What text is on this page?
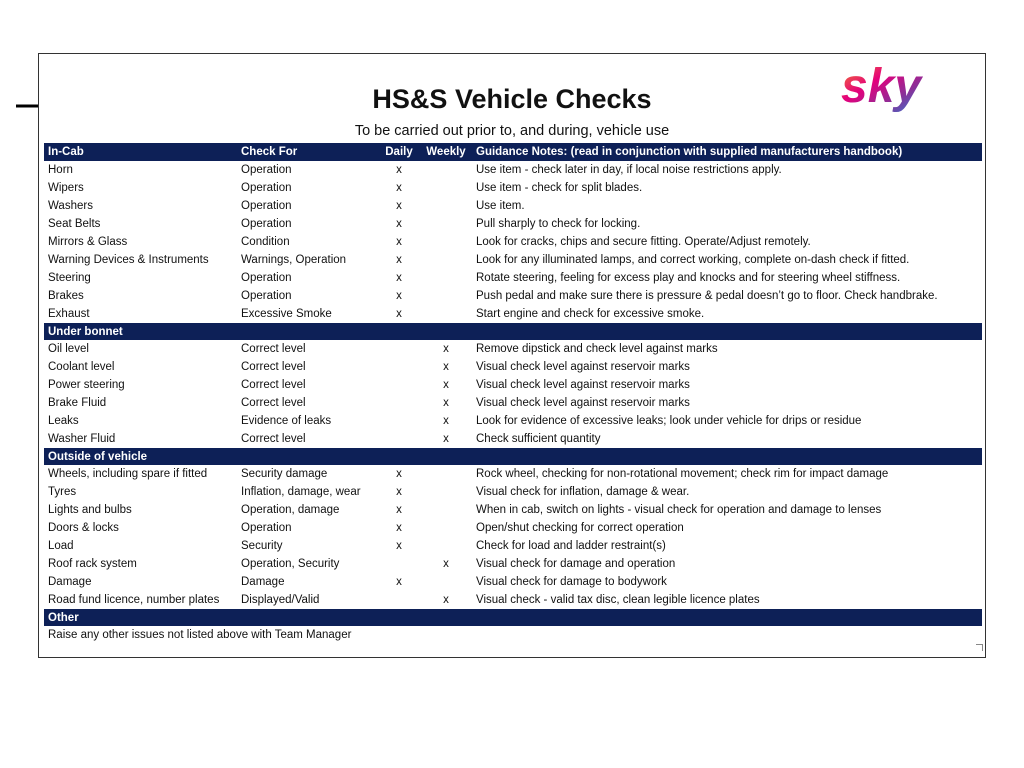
sky
HS&S Vehicle Checks
To be carried out prior to, and during, vehicle use
In-Cab	Check For	Daily	Weekly	Guidance Notes: (read in conjunction with supplied manufacturers handbook)
Horn	Operation	x		Use item - check later in day, if local noise restrictions apply.
Wipers	Operation	x		Use item - check for split blades.
Washers	Operation	x		Use item.
Seat Belts	Operation	x		Pull sharply to check for locking.
Mirrors & Glass	Condition	x		Look for cracks, chips and secure fitting. Operate/Adjust remotely.
Warning Devices & Instruments	Warnings, Operation	x		Look for any illuminated lamps, and correct working, complete on-dash check if fitted.
Steering	Operation	x		Rotate steering, feeling for excess play and knocks and for steering wheel stiffness.
Brakes	Operation	x		Push pedal and make sure there is pressure & pedal doesn’t go to floor. Check handbrake.
Exhaust	Excessive Smoke	x		Start engine and check for excessive smoke.
Under bonnet				
Oil level	Correct level		x	Remove dipstick and check level against marks
Coolant level	Correct level		x	Visual check level against reservoir marks
Power steering	Correct level		x	Visual check level against reservoir marks
Brake Fluid	Correct level		x	Visual check level against reservoir marks
Leaks	Evidence of leaks		x	Look for evidence of excessive leaks; look under vehicle for drips or residue
Washer Fluid	Correct level		x	Check sufficient quantity
Outside of vehicle				
Wheels, including spare if fitted	Security damage	x		Rock wheel, checking for non-rotational movement; check rim for impact damage
Tyres	Inflation, damage, wear	x		Visual check for inflation, damage & wear.
Lights and bulbs	Operation, damage	x		When in cab, switch on lights - visual check for operation and damage to lenses
Doors & locks	Operation	x		Open/shut checking for correct operation
Load	Security	x		Check for load and ladder restraint(s)
Roof rack system	Operation, Security		x	Visual check for damage and operation
Damage	Damage	x		Visual check for damage to bodywork
Road fund licence, number plates	Displayed/Valid		x	Visual check - valid tax disc, clean legible licence plates
Other				
Raise any other issues not listed above with Team Manager				
